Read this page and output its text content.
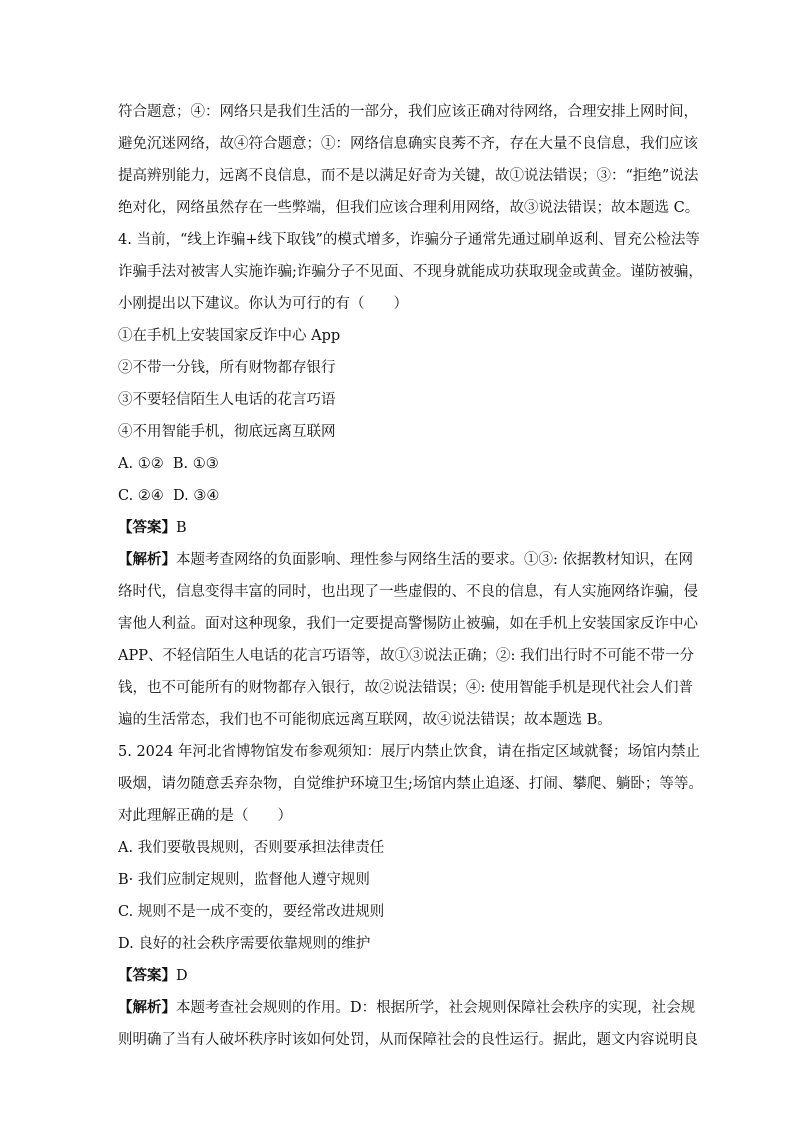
符合题意；④：网络只是我们生活的一部分，我们应该正确对待网络，合理安排上网时间，
避免沉迷网络，故④符合题意；①：网络信息确实良莠不齐，存在大量不良信息，我们应该
提高辨别能力，远离不良信息，而不是以满足好奇为关键，故①说法错误；③：“拒绝”说法
绝对化，网络虽然存在一些弊端，但我们应该合理利用网络，故③说法错误；故本题选 C。

4. 当前，“线上诈骗+线下取钱”的模式增多，诈骗分子通常先通过刷单返利、冒充公检法等
诈骗手法对被害人实施诈骗;诈骗分子不见面、不现身就能成功获取现金或黄金。谨防被骗，
小刚提出以下建议。你认为可行的有（　　）

①在手机上安装国家反诈中心 App
②不带一分钱，所有财物都存银行
③不要轻信陌生人电话的花言巧语
④不用智能手机，彻底远离互联网
A. ①②  B. ①③
C. ②④  D. ③④
【答案】B

【解析】本题考查网络的负面影响、理性参与网络生活的要求。①③: 依据教材知识，在网
络时代，信息变得丰富的同时，也出现了一些虚假的、不良的信息，有人实施网络诈骗，侵
害他人利益。面对这种现象，我们一定要提高警惕防止被骗，如在手机上安装国家反诈中心
APP、不轻信陌生人电话的花言巧语等，故①③说法正确；②: 我们出行时不可能不带一分
钱，也不可能所有的财物都存入银行，故②说法错误；④: 使用智能手机是现代社会人们普
遍的生活常态，我们也不可能彻底远离互联网，故④说法错误；故本题选 B。

5. 2024 年河北省博物馆发布参观须知：展厅内禁止饮食，请在指定区域就餐；场馆内禁止
吸烟，请勿随意丢弃杂物，自觉维护环境卫生;场馆内禁止追逐、打闹、攀爬、躺卧；等等。
对此理解正确的是（　　）

A. 我们要敬畏规则，否则要承担法律责任
B· 我们应制定规则，监督他人遵守规则
C. 规则不是一成不变的，要经常改进规则
D. 良好的社会秩序需要依靠规则的维护
【答案】D

【解析】本题考查社会规则的作用。D：根据所学，社会规则保障社会秩序的实现，社会规
则明确了当有人破坏秩序时该如何处罚，从而保障社会的良性运行。据此，题文内容说明良
